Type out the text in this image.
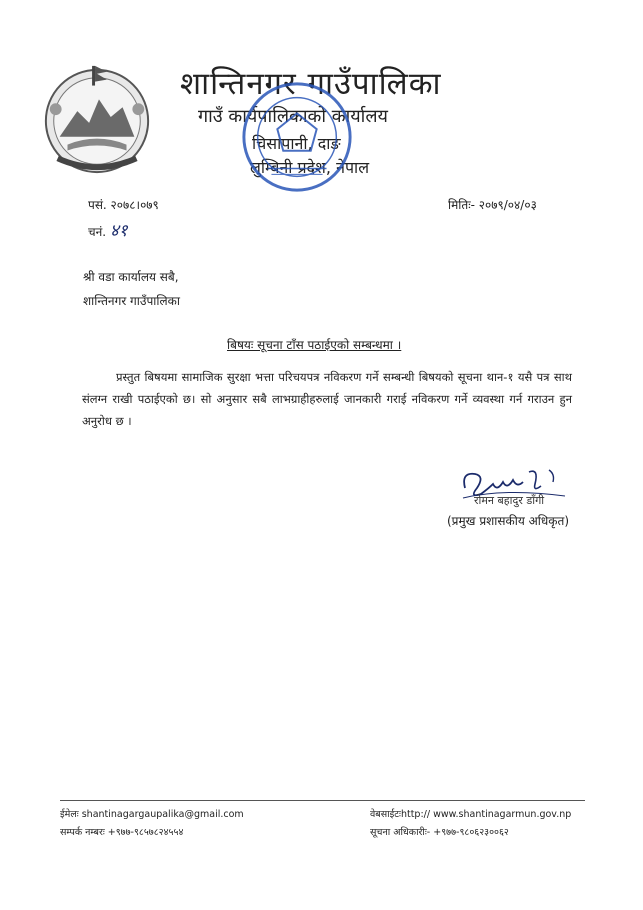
शान्तिनगर गाउँपालिका
गाउँ कार्यपालिकाको कार्यालय
चिसापानी, दाङ
लुम्बिनी प्रदेश, नेपाल
पसं. २०७८।०७९
चनं. ४१
मितिः- २०७९/०४/०३
श्री वडा कार्यालय सबै,
शान्तिनगर गाउँपालिका
बिषयः सूचना टाँस पठाईएको सम्बन्धमा ।
प्रस्तुत बिषयमा सामाजिक सुरक्षा भत्ता परिचयपत्र नविकरण गर्ने सम्बन्धी बिषयको सूचना थान-१ यसै पत्र साथ संलग्न राखी पठाईएको छ। सो अनुसार सबै लाभग्राहीहरुलाई जानकारी गराई नविकरण गर्ने व्यवस्था गर्न गराउन हुन अनुरोध छ ।
रोमन बहादुर डाँगी
(प्रमुख प्रशासकीय अधिकृत)
ईमेलः shantinagargaupalika@gmail.com
सम्पर्क नम्बरः +९७७-९८५७८२४५५४
वेबसाईटःhttp:// www.shantinagarmun.gov.np
सूचना अधिकारीः- +९७७-९८०६२३००६२
